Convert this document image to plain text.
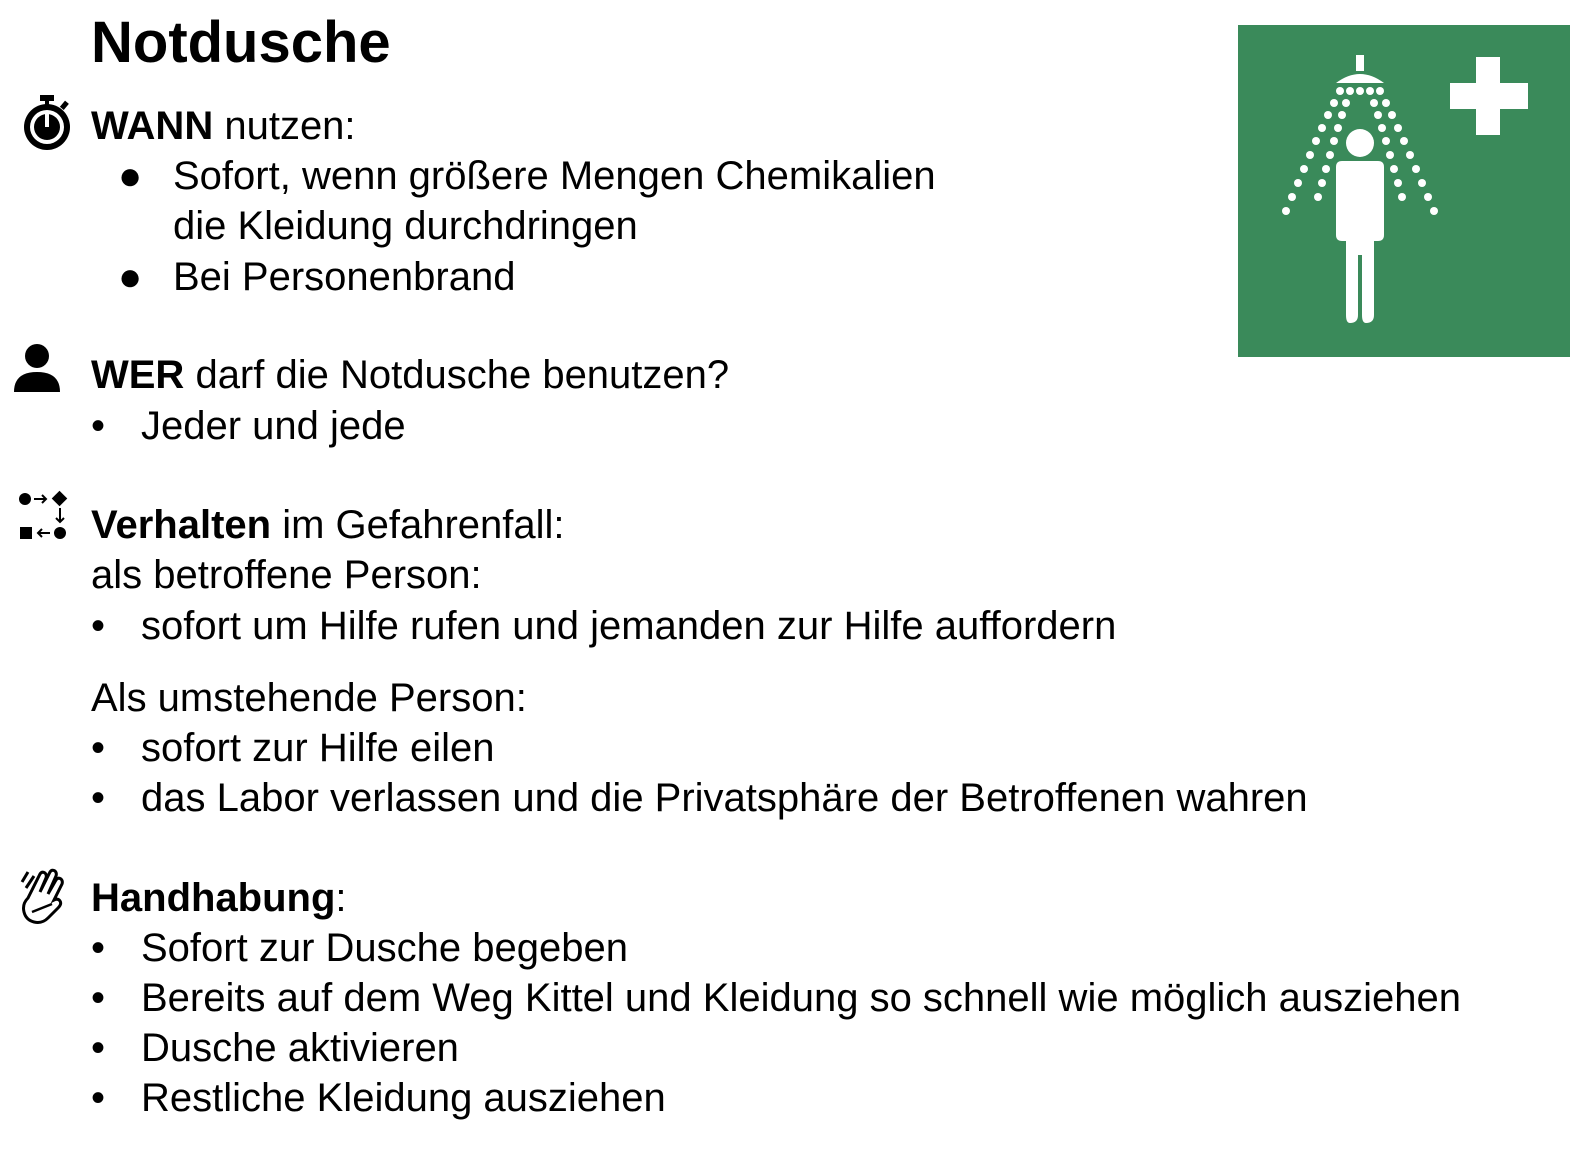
Notdusche
WANN nutzen:
● Sofort, wenn größere Mengen Chemikalien
die Kleidung durchdringen
● Bei Personenbrand
WER darf die Notdusche benutzen?
• Jeder und jede
Verhalten im Gefahrenfall:
als betroffene Person:
• sofort um Hilfe rufen und jemanden zur Hilfe auffordern
Als umstehende Person:
• sofort zur Hilfe eilen
• das Labor verlassen und die Privatsphäre der Betroffenen wahren
Handhabung:
• Sofort zur Dusche begeben
• Bereits auf dem Weg Kittel und Kleidung so schnell wie möglich ausziehen
• Dusche aktivieren
• Restliche Kleidung ausziehen
